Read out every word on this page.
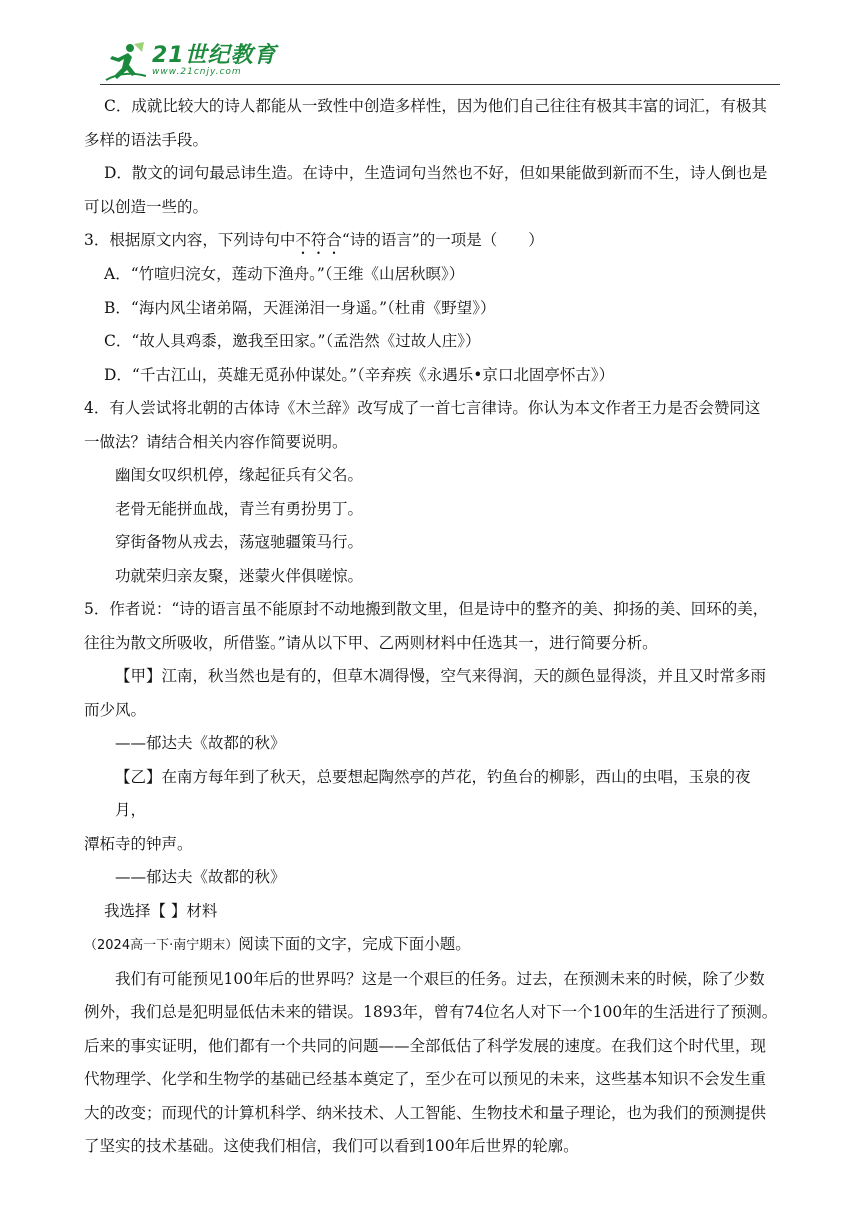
21世纪教育
www.21cnjy.com

C．成就比较大的诗人都能从一致性中创造多样性，因为他们自己往往有极其丰富的词汇，有极其

多样的语法手段。

D．散文的词句最忌讳生造。在诗中，生造词句当然也不好，但如果能做到新而不生，诗人倒也是

可以创造一些的。

3．根据原文内容，下列诗句中不符合“诗的语言”的一项是（　　）

A．“竹喧归浣女，莲动下渔舟。”（王维《山居秋暝》）

B．“海内风尘诸弟隔，天涯涕泪一身遥。”（杜甫《野望》）

C．“故人具鸡黍，邀我至田家。”（孟浩然《过故人庄》）

D．“千古江山，英雄无觅孙仲谋处。”（辛弃疾《永遇乐•京口北固亭怀古》）

4．有人尝试将北朝的古体诗《木兰辞》改写成了一首七言律诗。你认为本文作者王力是否会赞同这

一做法？请结合相关内容作简要说明。

幽闺女叹织机停，缘起征兵有父名。

老骨无能拼血战，青兰有勇扮男丁。

穿街备物从戎去，荡寇驰疆策马行。

功就荣归亲友聚，迷蒙火伴俱嗟惊。

5．作者说：“诗的语言虽不能原封不动地搬到散文里，但是诗中的整齐的美、抑扬的美、回环的美，

往往为散文所吸收，所借鉴。”请从以下甲、乙两则材料中任选其一，进行简要分析。

【甲】江南，秋当然也是有的，但草木凋得慢，空气来得润，天的颜色显得淡，并且又时常多雨

而少风。

——郁达夫《故都的秋》

【乙】在南方每年到了秋天，总要想起陶然亭的芦花，钓鱼台的柳影，西山的虫唱，玉泉的夜月，

潭柘寺的钟声。

——郁达夫《故都的秋》

我选择【 】材料

（2024高一下·南宁期末）阅读下面的文字，完成下面小题。

我们有可能预见100年后的世界吗？这是一个艰巨的任务。过去，在预测未来的时候，除了少数

例外，我们总是犯明显低估未来的错误。1893年，曾有74位名人对下一个100年的生活进行了预测。

后来的事实证明，他们都有一个共同的问题——全部低估了科学发展的速度。在我们这个时代里，现

代物理学、化学和生物学的基础已经基本奠定了，至少在可以预见的未来，这些基本知识不会发生重

大的改变；而现代的计算机科学、纳米技术、人工智能、生物技术和量子理论，也为我们的预测提供

了坚实的技术基础。这使我们相信，我们可以看到100年后世界的轮廓。
